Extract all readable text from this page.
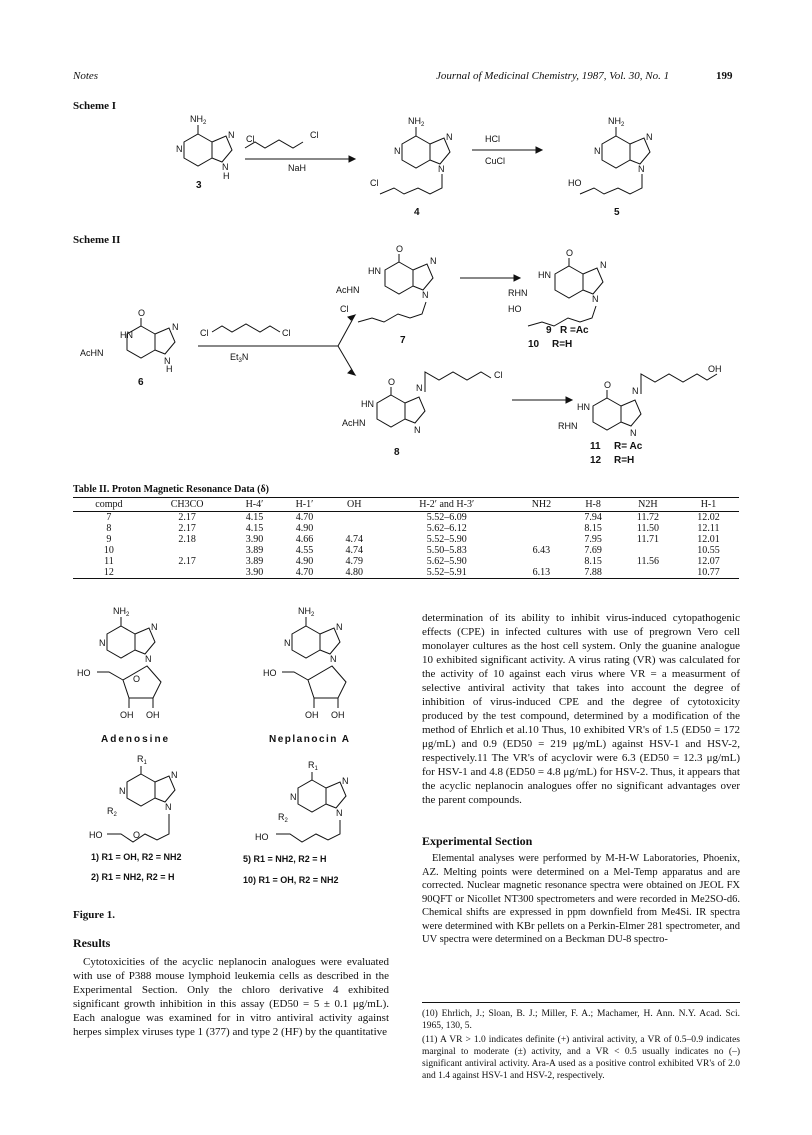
Notes	Journal of Medicinal Chemistry, 1987, Vol. 30, No. 1	199
Scheme I
$NH_2$
N
N
N
H
3
Cl	Cl
NaH
$NH_2$
N
N
N
Cl
4
HCl
CuCl
$NH_2$
N
N
N
HO
5
Scheme II
O
HN
AcHN
N
N
H
6
Cl	Cl
$Et_3N$
O
HN
AcHN
N
N
Cl
7
O
HN
RHN
N
N
HO
9 R =Ac
10 R=H
O
HN
AcHN
N
N
Cl
8
O
HN
RHN
N
N
OH
11 R= Ac
12 R=H
Table II. Proton Magnetic Resonance Data (δ)
compd	CH3CO	H-4′	H-1′	OH	H-2′ and H-3′	NH2	H-8	N2H	H-1
7	2.17	4.15	4.70		5.52–6.09		7.94	11.72	12.02
8	2.17	4.15	4.90		5.62–6.12		8.15	11.50	12.11
9	2.18	3.90	4.66	4.74	5.52–5.90		7.95	11.71	12.01
10		3.89	4.55	4.74	5.50–5.83	6.43	7.69		10.55
11	2.17	3.89	4.90	4.79	5.62–5.90		8.15	11.56	12.07
12		3.90	4.70	4.80	5.52–5.91	6.13	7.88		10.77
$NH_2$
N
N
N
O
HO
OH OH
Adenosine
$NH_2$
N
N
N
HO
OH OH
Neplanocin A
$R_1$
N
N
N
$R_2$
O
HO
$R_1$
N
N
N
$R_2$
HO
1) R1 = OH, R2 = NH2
2) R1 = NH2, R2 = H
5) R1 = NH2, R2 = H
10) R1 = OH, R2 = NH2
Figure 1.
Results
Cytotoxicities of the acyclic neplanocin analogues were evaluated with use of P388 mouse lymphoid leukemia cells as described in the Experimental Section. Only the chloro derivative 4 exhibited significant growth inhibition in this assay (ED50 = 5 ± 0.1 μg/mL). Each analogue was examined for in vitro antiviral activity against herpes simplex viruses type 1 (377) and type 2 (HF) by the quantitative
determination of its ability to inhibit virus-induced cytopathogenic effects (CPE) in infected cultures with use of pregrown Vero cell monolayer cultures as the host cell system. Only the guanine analogue 10 exhibited significant activity. A virus rating (VR) was calculated for the activity of 10 against each virus where VR = a measurment of selective antiviral activity that takes into account the degree of inhibition of virus-induced CPE and the degree of cytotoxicity produced by the test compound, determined by a modification of the method of Ehrlich et al.10 Thus, 10 exhibited VR's of 1.5 (ED50 = 172 μg/mL) and 0.9 (ED50 = 219 μg/mL) against HSV-1 and HSV-2, respectively.11 The VR's of acyclovir were 6.3 (ED50 = 12.3 μg/mL) for HSV-1 and 4.8 (ED50 = 4.8 μg/mL) for HSV-2. Thus, it appears that the acyclic neplanocin analogues offer no significant advantages over the parent compounds.
Experimental Section
Elemental analyses were performed by M-H-W Laboratories, Phoenix, AZ. Melting points were determined on a Mel-Temp apparatus and are corrected. Nuclear magnetic resonance spectra were obtained on JEOL FX 90QFT or Nicollet NT300 spectrometers and were recorded in Me2SO-d6. Chemical shifts are expressed in ppm downfield from Me4Si. IR spectra were determined with KBr pellets on a Perkin-Elmer 281 spectrometer, and UV spectra were determined on a Beckman DU-8 spectro-
(10) Ehrlich, J.; Sloan, B. J.; Miller, F. A.; Machamer, H. Ann. N.Y. Acad. Sci. 1965, 130, 5.
(11) A VR > 1.0 indicates definite (+) antiviral activity, a VR of 0.5–0.9 indicates marginal to moderate (±) activity, and a VR < 0.5 usually indicates no (–) significant antiviral activity. Ara-A used as a positive control exhibited VR's of 2.0 and 1.4 against HSV-1 and HSV-2, respectively.
